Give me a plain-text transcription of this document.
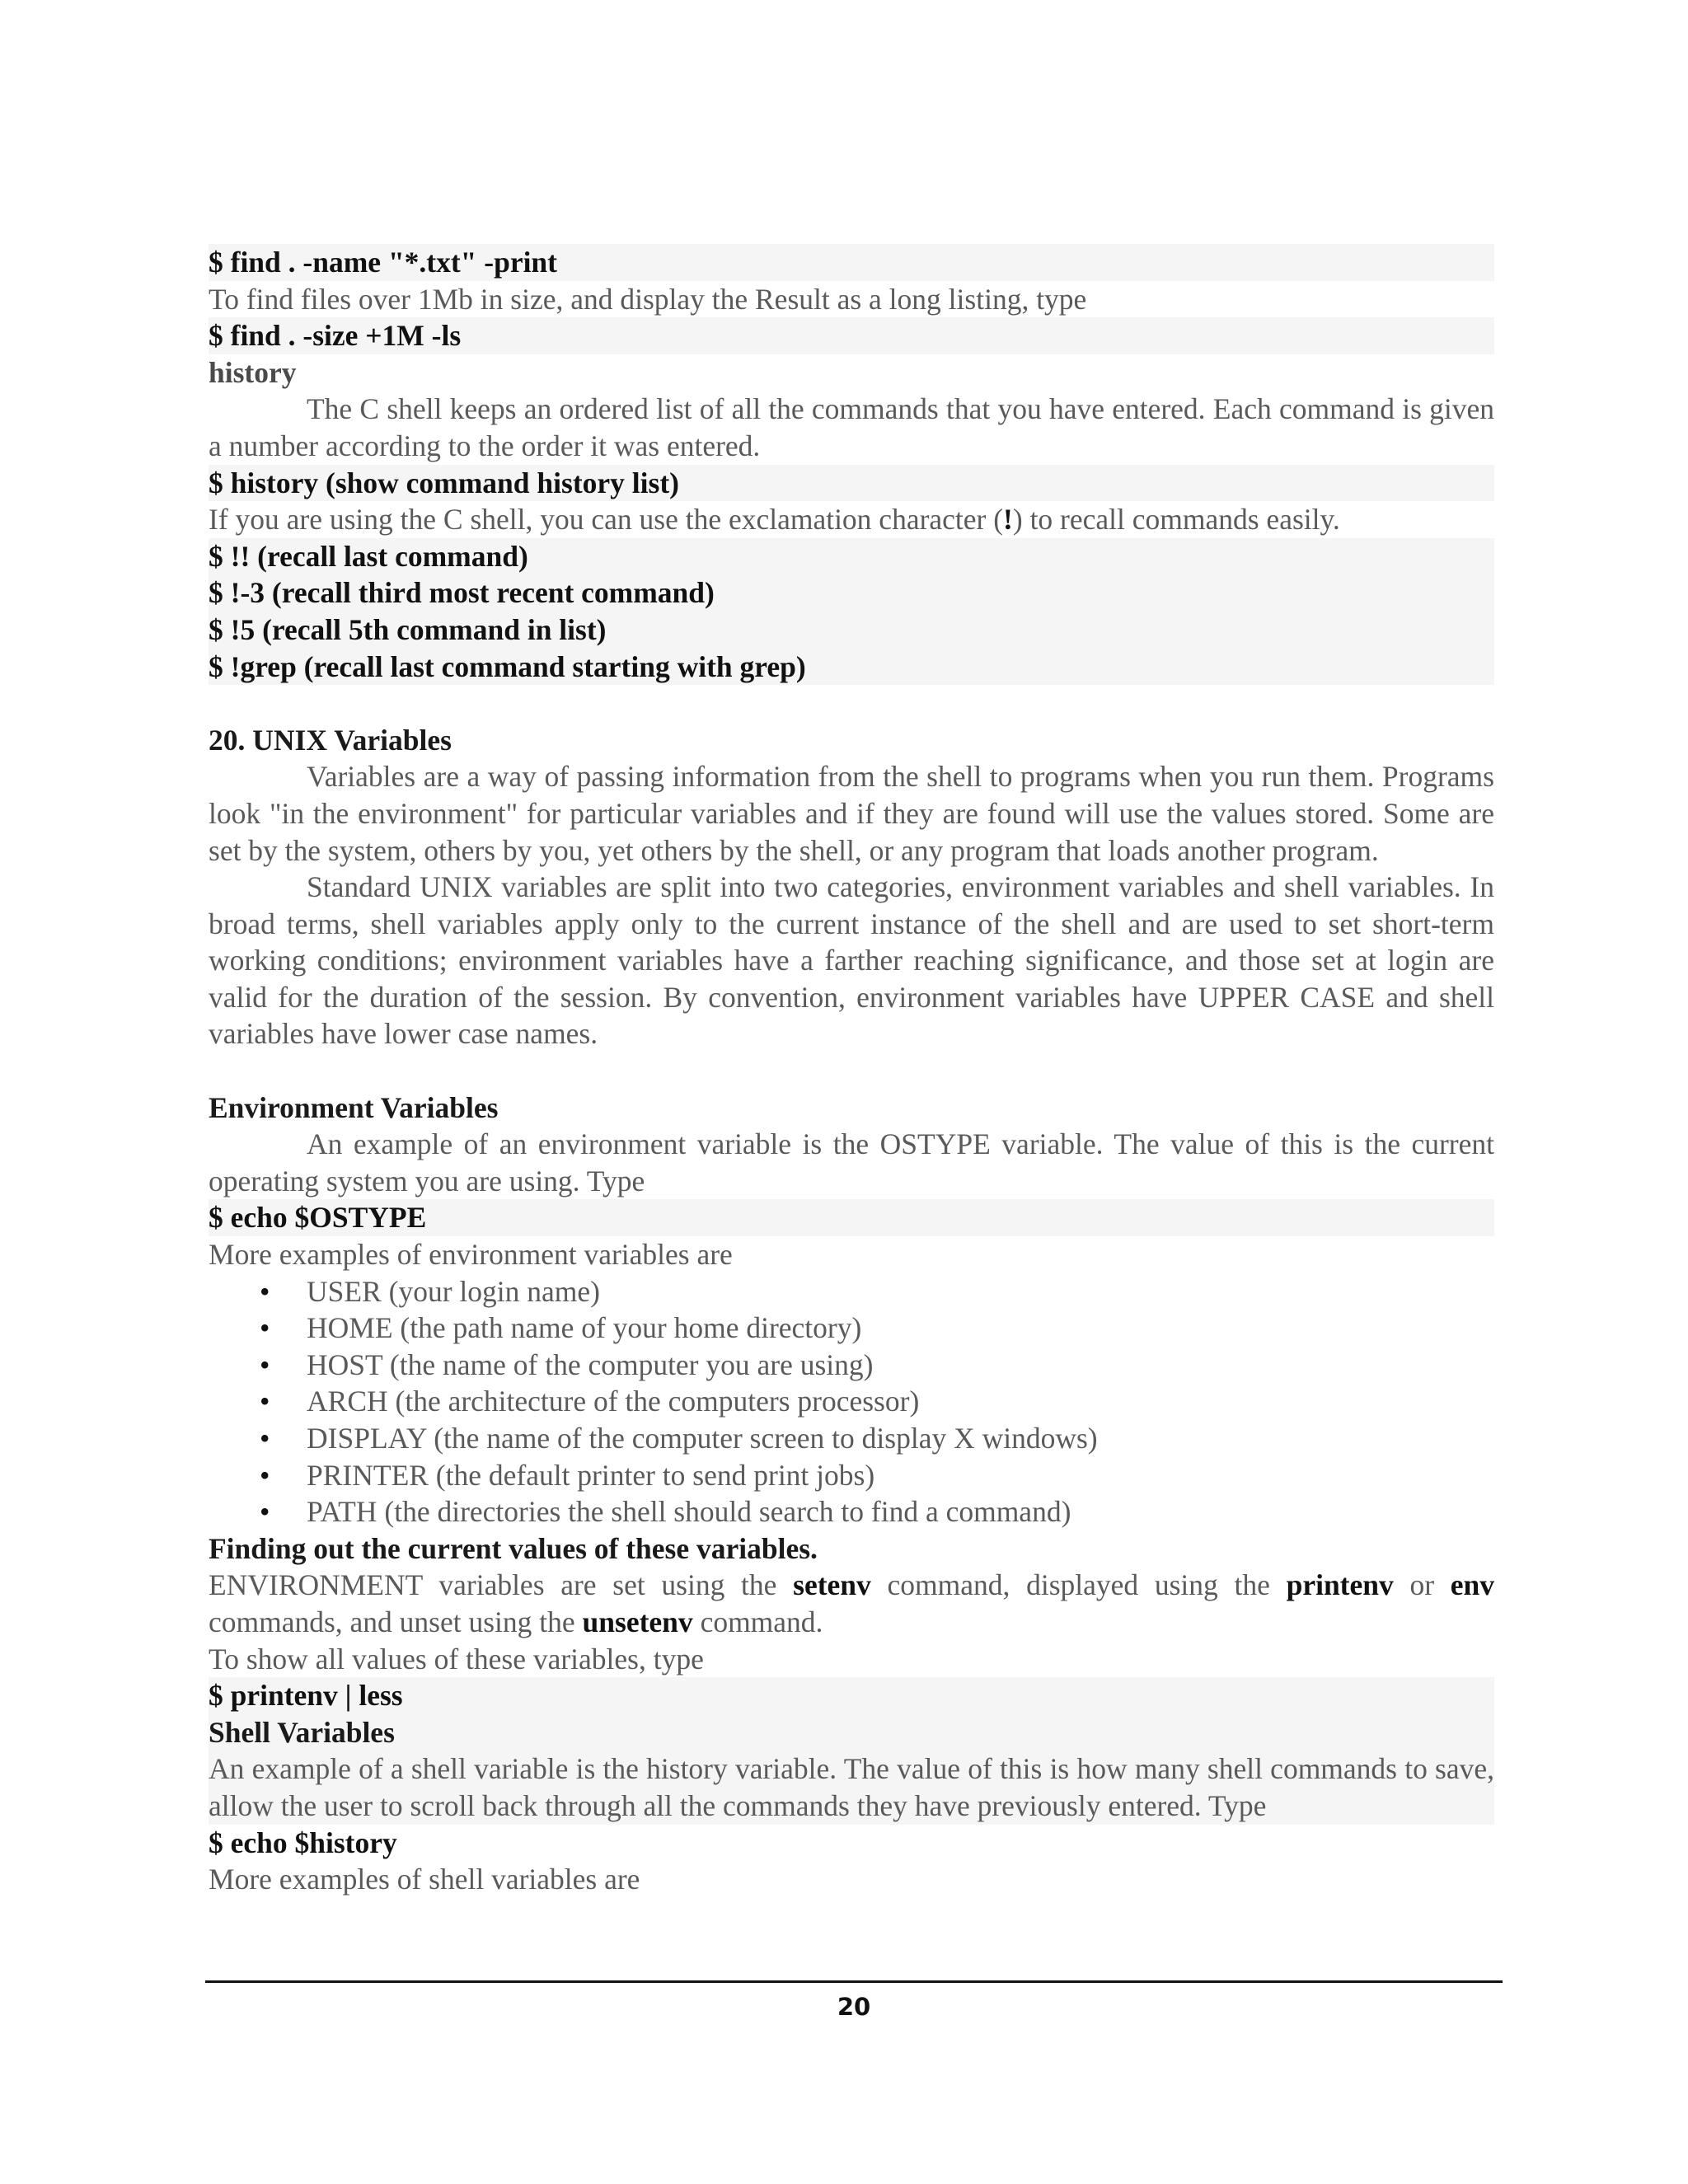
$ find . -name "*.txt" -print
To find files over 1Mb in size, and display the Result as a long listing, type
$ find . -size +1M -ls
history
The C shell keeps an ordered list of all the commands that you have entered. Each command is given a number according to the order it was entered.
$ history (show command history list)
If you are using the C shell, you can use the exclamation character (!) to recall commands easily.
$ !! (recall last command)
$ !-3 (recall third most recent command)
$ !5 (recall 5th command in list)
$ !grep (recall last command starting with grep)
20. UNIX Variables
Variables are a way of passing information from the shell to programs when you run them. Programs look "in the environment" for particular variables and if they are found will use the values stored. Some are set by the system, others by you, yet others by the shell, or any program that loads another program.
Standard UNIX variables are split into two categories, environment variables and shell variables. In broad terms, shell variables apply only to the current instance of the shell and are used to set short-term working conditions; environment variables have a farther reaching significance, and those set at login are valid for the duration of the session. By convention, environment variables have UPPER CASE and shell variables have lower case names.
Environment Variables
An example of an environment variable is the OSTYPE variable. The value of this is the current operating system you are using. Type
$ echo $OSTYPE
More examples of environment variables are
• USER (your login name)
• HOME (the path name of your home directory)
• HOST (the name of the computer you are using)
• ARCH (the architecture of the computers processor)
• DISPLAY (the name of the computer screen to display X windows)
• PRINTER (the default printer to send print jobs)
• PATH (the directories the shell should search to find a command)
Finding out the current values of these variables.
ENVIRONMENT variables are set using the setenv command, displayed using the printenv or env commands, and unset using the unsetenv command.
To show all values of these variables, type
$ printenv | less
Shell Variables
An example of a shell variable is the history variable. The value of this is how many shell commands to save, allow the user to scroll back through all the commands they have previously entered. Type
$ echo $history
More examples of shell variables are
20
